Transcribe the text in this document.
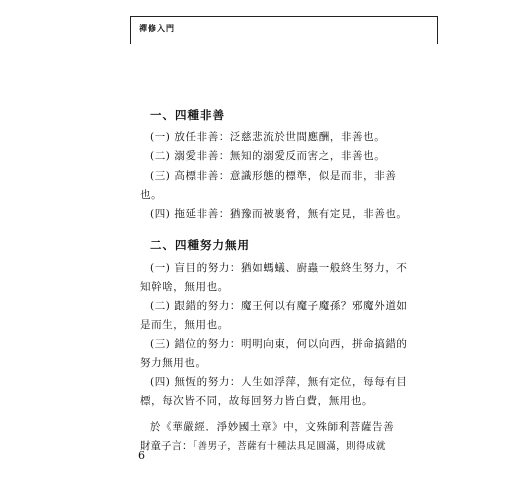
禪修入門
一、四種非善
(一) 放任非善：泛慈悲流於世間應酬，非善也。
(二) 溺愛非善：無知的溺愛反而害之，非善也。
(三) 高標非善：意識形態的標準，似是而非，非善
也。
(四) 拖延非善：猶豫而被裹脅，無有定見，非善也。
二、四種努力無用
(一) 盲目的努力：猶如螞蟻、廚蟲一般終生努力，不
知幹啥，無用也。
(二) 跟錯的努力：魔王何以有魔子魔孫？邪魔外道如
是而生，無用也。
(三) 錯位的努力：明明向東，何以向西，拼命搞錯的
努力無用也。
(四) 無恆的努力：人生如浮萍，無有定位，每每有目
標，每次皆不同，故每回努力皆白費，無用也。
於《華嚴經．淨妙國土章》中，文殊師利菩薩告善
財童子言：「善男子，菩薩有十種法具足圓滿，則得成就
6
